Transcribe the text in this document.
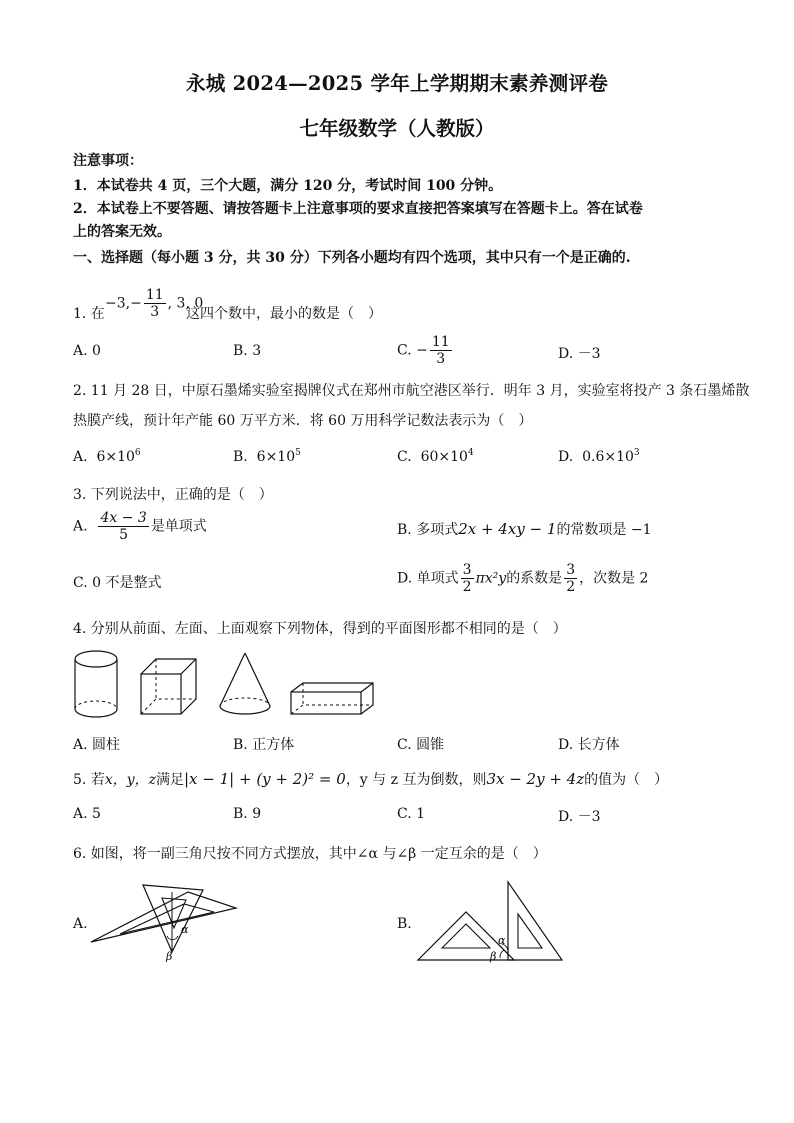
永城 2024—2025 学年上学期期末素养测评卷
七年级数学（人教版）
注意事项：
1．本试卷共 4 页，三个大题，满分 120 分，考试时间 100 分钟。
2．本试卷上不要答题、请按答题卡上注意事项的要求直接把答案填写在答题卡上。答在试卷
上的答案无效。
一、选择题（每小题 3 分，共 30 分）下列各小题均有四个选项，其中只有一个是正确的.
1. 在
$-3,- \frac{11}{3}$ , 3, 0
这四个数中，最小的数是（　）
A. 0	B. 3	C. − $\frac{11}{3}$	D. －3
2. 11 月 28 日，中原石墨烯实验室揭牌仪式在郑州市航空港区举行．明年 3 月，实验室将投产 3 条石墨烯散
热膜产线，预计年产能 60 万平方米．将 60 万用科学记数法表示为（　）
A. $6\times 10^6$	B. $6\times 10^5$	C. $60\times 10^4$	D. $0.6\times 10^3$
3. 下列说法中，正确的是（　）
A. $\frac{4x - 3}{5}$ 是单项式	B. 多项式2x + 4xy − 1的常数项是 −1
C. 0 不是整式	D. 单项式 $\frac{3}{2} \pi x^2y$的系数是 $\frac{3}{2}$ ，次数是 2
4. 分别从前面、左面、上面观察下列物体，得到的平面图形都不相同的是（　）
A. 圆柱	B. 正方体	C. 圆锥	D. 长方体
5. 若x，y，z满足|x − 1| + (y + 2)² = 0，y 与 z 互为倒数，则3x − 2y + 4z的值为（　）
A. 5	B. 9	C. 1	D. －3
6. 如图，将一副三角尺按不同方式摆放，其中∠α 与∠β 一定互余的是（　）
A.	α
β
B.
α
β
